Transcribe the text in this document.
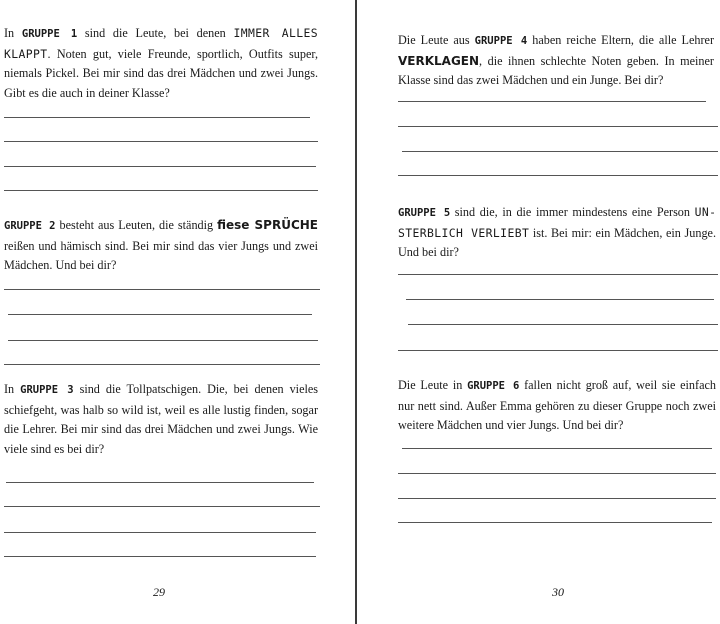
In GRUPPE 1 sind die Leute, bei denen IMMER ALLES KLAPPT. Noten gut, viele Freunde, sportlich, Outfits super, niemals Pickel. Bei mir sind das drei Mädchen und zwei Jungs. Gibt es die auch in deiner Klasse?

GRUPPE 2 besteht aus Leuten, die ständig fiese SPRÜCHE reißen und hämisch sind. Bei mir sind das vier Jungs und zwei Mädchen. Und bei dir?

In GRUPPE 3 sind die Tollpatschigen. Die, bei denen vieles schiefgeht, was halb so wild ist, weil es alle lustig finden, sogar die Lehrer. Bei mir sind das drei Mädchen und zwei Jungs. Wie viele sind es bei dir?

29

Die Leute aus GRUPPE 4 haben reiche Eltern, die alle Lehrer VERKLAGEN, die ihnen schlechte Noten geben. In meiner Klasse sind das zwei Mädchen und ein Junge. Bei dir?

GRUPPE 5 sind die, in die immer mindestens eine Person UNSTERBLICH VERLIEBT ist. Bei mir: ein Mädchen, ein Junge. Und bei dir?

Die Leute in GRUPPE 6 fallen nicht groß auf, weil sie einfach nur nett sind. Außer Emma gehören zu dieser Gruppe noch zwei weitere Mädchen und vier Jungs. Und bei dir?

30
